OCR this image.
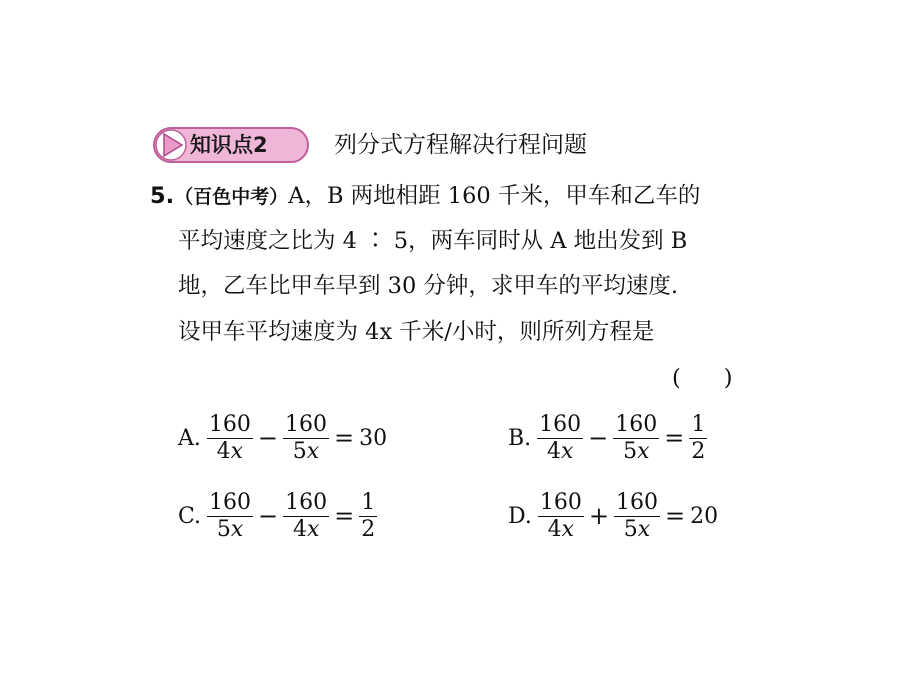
知识点2	列分式方程解决行程问题
5.（百色中考）A，B 两地相距 160 千米，甲车和乙车的
平均速度之比为 4 ∶ 5，两车同时从 A 地出发到 B
地，乙车比甲车早到 30 分钟，求甲车的平均速度.
设甲车平均速度为 4x 千米/小时，则所列方程是
(      )
A. $\frac{160}{4x} - \frac{160}{5x} = 30$	B. $\frac{160}{4x} - \frac{160}{5x} = \frac{1}{2}$
C. $\frac{160}{5x} - \frac{160}{4x} = \frac{1}{2}$	D. $\frac{160}{4x} + \frac{160}{5x} = 20$
